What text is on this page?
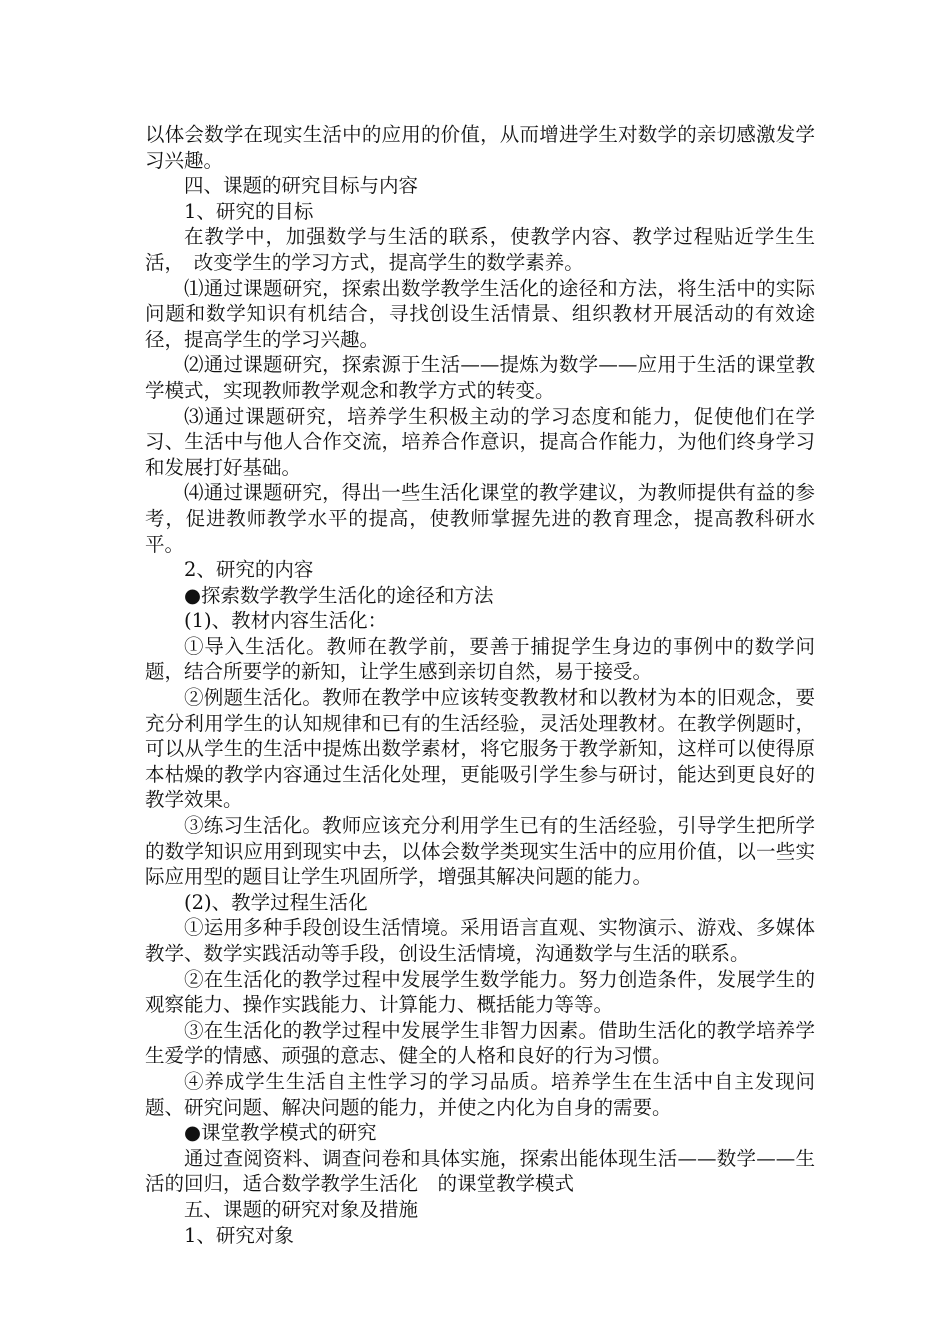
以体会数学在现实生活中的应用的价值，从而增进学生对数学的亲切感激发学习兴趣。

四、课题的研究目标与内容

1、研究的目标

在教学中，加强数学与生活的联系，使教学内容、教学过程贴近学生生活，　改变学生的学习方式，提高学生的数学素养。

⑴通过课题研究，探索出数学教学生活化的途径和方法，将生活中的实际问题和数学知识有机结合，寻找创设生活情景、组织教材开展活动的有效途径，提高学生的学习兴趣。

⑵通过课题研究，探索源于生活——提炼为数学——应用于生活的课堂教学模式，实现教师教学观念和教学方式的转变。

⑶通过课题研究，培养学生积极主动的学习态度和能力，促使他们在学习、生活中与他人合作交流，培养合作意识，提高合作能力，为他们终身学习和发展打好基础。

⑷通过课题研究，得出一些生活化课堂的教学建议，为教师提供有益的参考，促进教师教学水平的提高，使教师掌握先进的教育理念，提高教科研水平。

2、研究的内容

●探索数学教学生活化的途径和方法

(1)、教材内容生活化：

①导入生活化。教师在教学前，要善于捕捉学生身边的事例中的数学问题，结合所要学的新知，让学生感到亲切自然，易于接受。

②例题生活化。教师在教学中应该转变教教材和以教材为本的旧观念，要充分利用学生的认知规律和已有的生活经验，灵活处理教材。在教学例题时，可以从学生的生活中提炼出数学素材，将它服务于教学新知，这样可以使得原本枯燥的教学内容通过生活化处理，更能吸引学生参与研讨，能达到更良好的教学效果。

③练习生活化。教师应该充分利用学生已有的生活经验，引导学生把所学的数学知识应用到现实中去，以体会数学类现实生活中的应用价值，以一些实际应用型的题目让学生巩固所学，增强其解决问题的能力。

(2)、教学过程生活化

①运用多种手段创设生活情境。采用语言直观、实物演示、游戏、多媒体教学、数学实践活动等手段，创设生活情境，沟通数学与生活的联系。

②在生活化的教学过程中发展学生数学能力。努力创造条件，发展学生的观察能力、操作实践能力、计算能力、概括能力等等。

③在生活化的教学过程中发展学生非智力因素。借助生活化的教学培养学生爱学的情感、顽强的意志、健全的人格和良好的行为习惯。

④养成学生生活自主性学习的学习品质。培养学生在生活中自主发现问题、研究问题、解决问题的能力，并使之内化为自身的需要。

●课堂教学模式的研究

通过查阅资料、调查问卷和具体实施，探索出能体现生活——数学——生活的回归，适合数学教学生活化　的课堂教学模式

五、课题的研究对象及措施

1、研究对象
